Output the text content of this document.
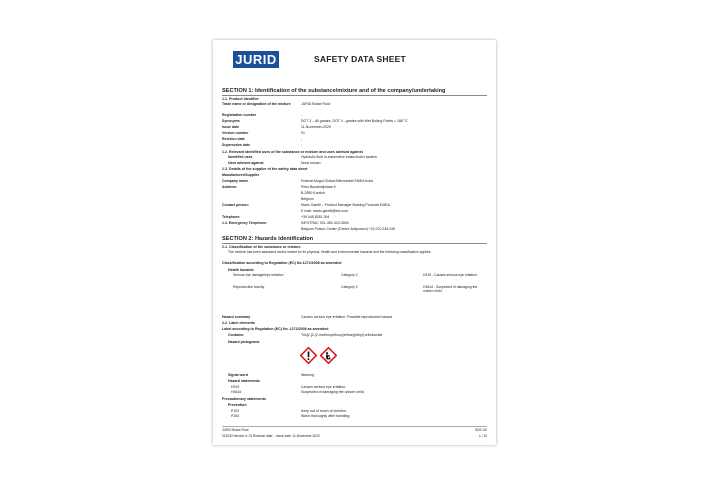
JURID	SAFETY DATA SHEET
SECTION 1: Identification of the substance/mixture and of the company/undertaking
1.1. Product identifier
Trade name or designation of the mixture	JURID Brake Fluid
Registration number	-
Synonyms	DOT 3 – All grades, DOT 4 - grades with Wet Boiling Points < 188 °C.
Issue date	11-November-2020
Version number	01
Revision date	-
Supersedes date	-
1.2. Relevant identified uses of the substance or mixture and uses advised against
Identified uses	Hydraulic fluid in automotive brake/clutch system.
Uses advised against	None known.
1.3. Details of the supplier of the safety data sheet
Manufacturer/Supplier
Company name	Federal-Mogul Global Aftermarket EMEA bvba
Address:	Prins Boudewijnlaan 5
B-2550 Kontich
Belgium
Contact person:	Mario Garelli – Product Manager Braking Products EMEA
E-mail: mario.garelli@tmr.com
Telephone:	+39 045 8281 394
1.4. Emergency Telephone:	INFOTRAC 001-352-323-3500
Belgium Poison Center (Centre Antipoison) +32.070.245.245
SECTION 2: Hazards identification
2.1. Classification of the substance or mixture
The mixture has been assessed and/or tested for its physical, health and environmental hazards and the following classification applies.
Classification according to Regulation (EC) No 1272/2008 as amended
Health hazards
Serious eye damage/eye irritation	Category 2	H319 - Causes serious eye irritation.
Reproductive toxicity	Category 2	H361d - Suspected of damaging the unborn child.
Hazard summary	Causes serious eye irritation. Possible reproductive hazard.
2.2. Label elements
Label according to Regulation (EC) No. 1272/2008 as amended
Contains:	Tris[2-[2-(2-methoxyethoxy)ethoxy]ethyl] orthoborate
Hazard pictograms
Signal word	Warning
Hazard statements
H319	Causes serious eye irritation.
H361d	Suspected of damaging the unborn child.
Precautionary statements
Prevention
P102	Keep out of reach of children.
P264	Wash thoroughly after handling.
JURID Brake Fluid	SDS UK
013033 Version #: 01 Revision date: - Issue date: 11-November-2020	1 / 10
